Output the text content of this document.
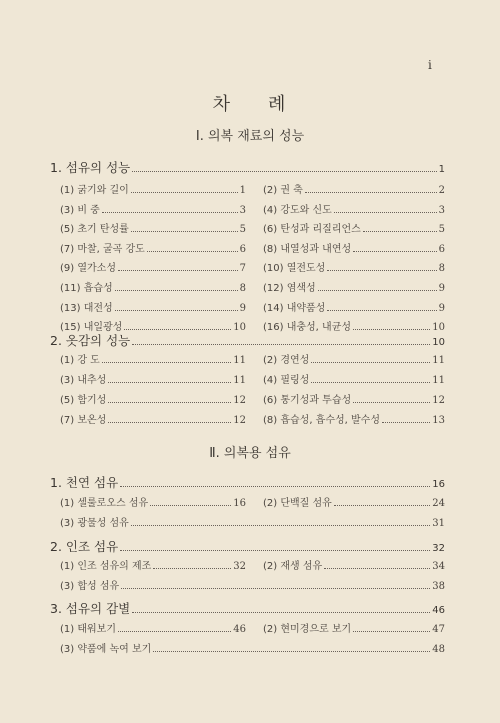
i
차 례
Ⅰ. 의복 재료의 성능
1. 섬유의 성능	1
(1) 굵기와 길이	1 (2) 권 축	2
(3) 비 중	3 (4) 강도와 신도	3
(5) 초기 탄성률	5 (6) 탄성과 리질리언스	5
(7) 마찰, 굴곡 강도	6 (8) 내열성과 내연성	6
(9) 열가소성	7 (10) 열전도성	8
(11) 흡습성	8 (12) 염색성	9
(13) 대전성	9 (14) 내약품성	9
(15) 내일광성	10 (16) 내충성, 내균성	10
2. 옷감의 성능	10
(1) 강 도	11 (2) 경연성	11
(3) 내추성	11 (4) 필링성	11
(5) 함기성	12 (6) 통기성과 투습성	12
(7) 보온성	12 (8) 흡습성, 흡수성, 발수성	13
Ⅱ. 의복용 섬유
1. 천연 섬유	16
(1) 셀룰로오스 섬유	16 (2) 단백질 섬유	24
(3) 광물성 섬유	31
2. 인조 섬유	32
(1) 인조 섬유의 제조	32 (2) 재생 섬유	34
(3) 합성 섬유	38
3. 섬유의 감별	46
(1) 태워보기	46 (2) 현미경으로 보기	47
(3) 약품에 녹여 보기	48
